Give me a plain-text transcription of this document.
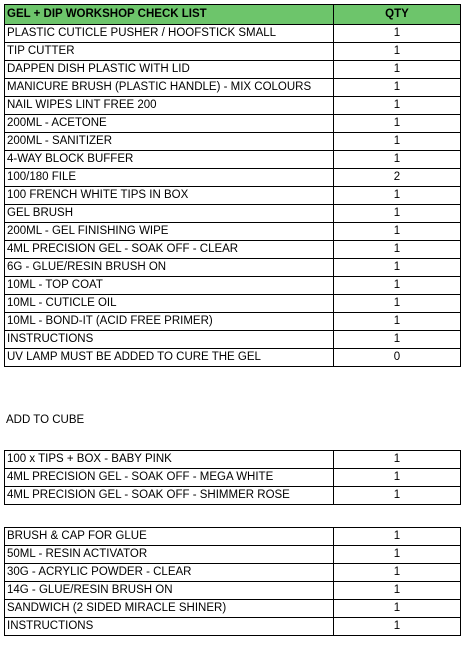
GEL + DIP WORKSHOP CHECK LIST	QTY
PLASTIC CUTICLE PUSHER / HOOFSTICK SMALL	1
TIP CUTTER	1
DAPPEN DISH PLASTIC WITH LID	1
MANICURE BRUSH (PLASTIC HANDLE) - MIX COLOURS	1
NAIL WIPES LINT FREE 200	1
200ML - ACETONE	1
200ML - SANITIZER	1
4-WAY BLOCK BUFFER	1
100/180 FILE	2
100 FRENCH WHITE TIPS IN BOX	1
GEL BRUSH	1
200ML - GEL FINISHING WIPE	1
4ML PRECISION GEL - SOAK OFF - CLEAR	1
6G - GLUE/RESIN BRUSH ON	1
10ML - TOP COAT	1
10ML - CUTICLE OIL	1
10ML - BOND-IT (ACID FREE PRIMER)	1
INSTRUCTIONS	1
UV LAMP MUST BE ADDED TO CURE THE GEL	0
ADD TO CUBE
100 x TIPS + BOX - BABY PINK	1
4ML PRECISION GEL - SOAK OFF - MEGA WHITE	1
4ML PRECISION GEL - SOAK OFF - SHIMMER ROSE	1
BRUSH & CAP FOR GLUE	1
50ML - RESIN ACTIVATOR	1
30G - ACRYLIC POWDER - CLEAR	1
14G - GLUE/RESIN BRUSH ON	1
SANDWICH (2 SIDED MIRACLE SHINER)	1
INSTRUCTIONS	1
